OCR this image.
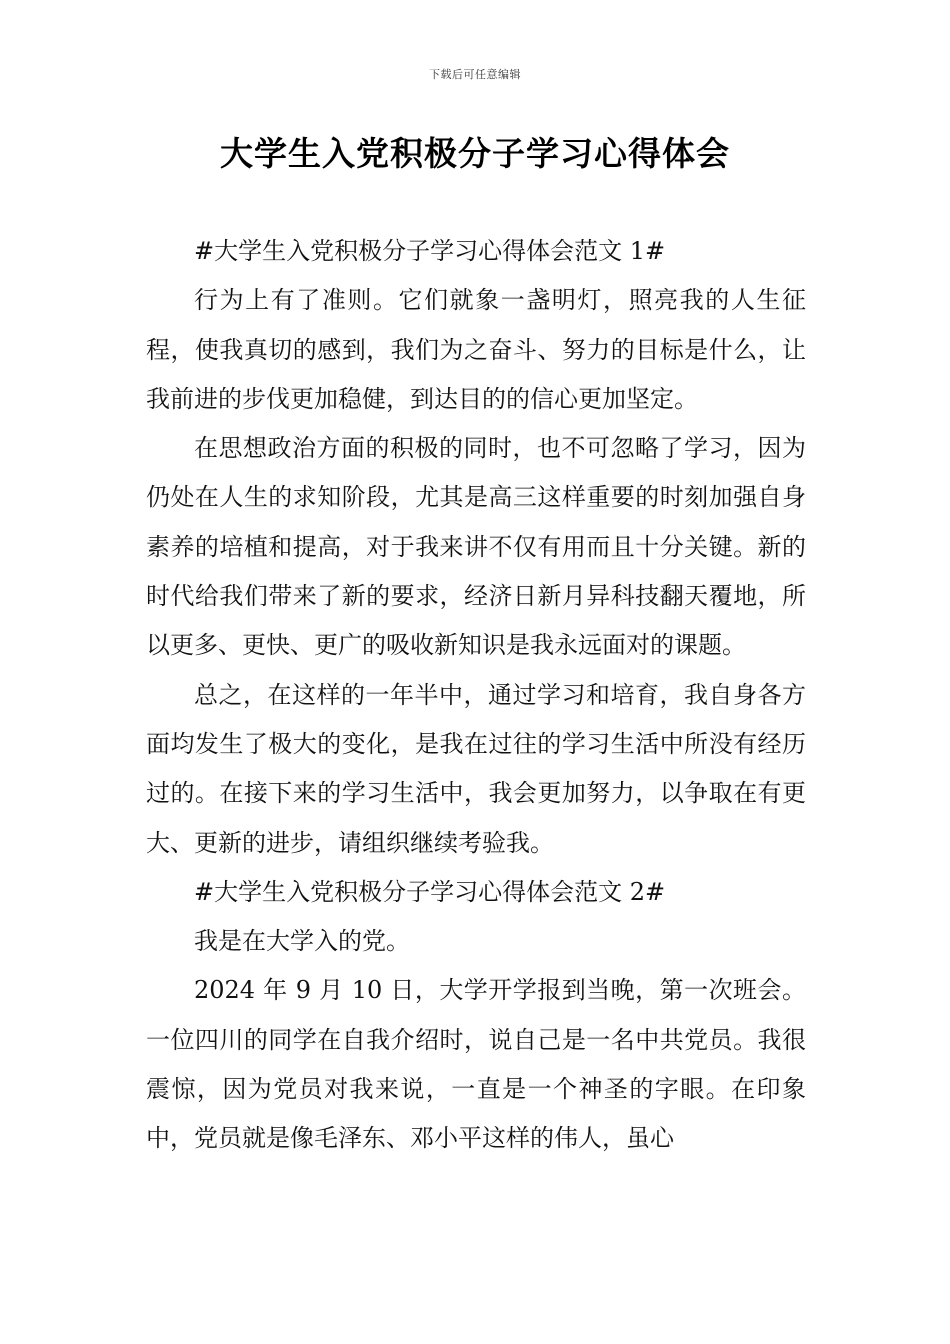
下载后可任意编辑
大学生入党积极分子学习心得体会

#大学生入党积极分子学习心得体会范文 1#

行为上有了准则。它们就象一盏明灯，照亮我的人生征程，使我真切的感到，我们为之奋斗、努力的目标是什么，让我前进的步伐更加稳健，到达目的的信心更加坚定。

在思想政治方面的积极的同时，也不可忽略了学习，因为仍处在人生的求知阶段，尤其是高三这样重要的时刻加强自身素养的培植和提高，对于我来讲不仅有用而且十分关键。新的时代给我们带来了新的要求，经济日新月异科技翻天覆地，所以更多、更快、更广的吸收新知识是我永远面对的课题。

总之，在这样的一年半中，通过学习和培育，我自身各方面均发生了极大的变化，是我在过往的学习生活中所没有经历过的。在接下来的学习生活中，我会更加努力，以争取在有更大、更新的进步，请组织继续考验我。

#大学生入党积极分子学习心得体会范文 2#

我是在大学入的党。

2024 年 9 月 10 日，大学开学报到当晚，第一次班会。一位四川的同学在自我介绍时，说自己是一名中共党员。我很震惊，因为党员对我来说，一直是一个神圣的字眼。在印象中，党员就是像毛泽东、邓小平这样的伟人，虽心
